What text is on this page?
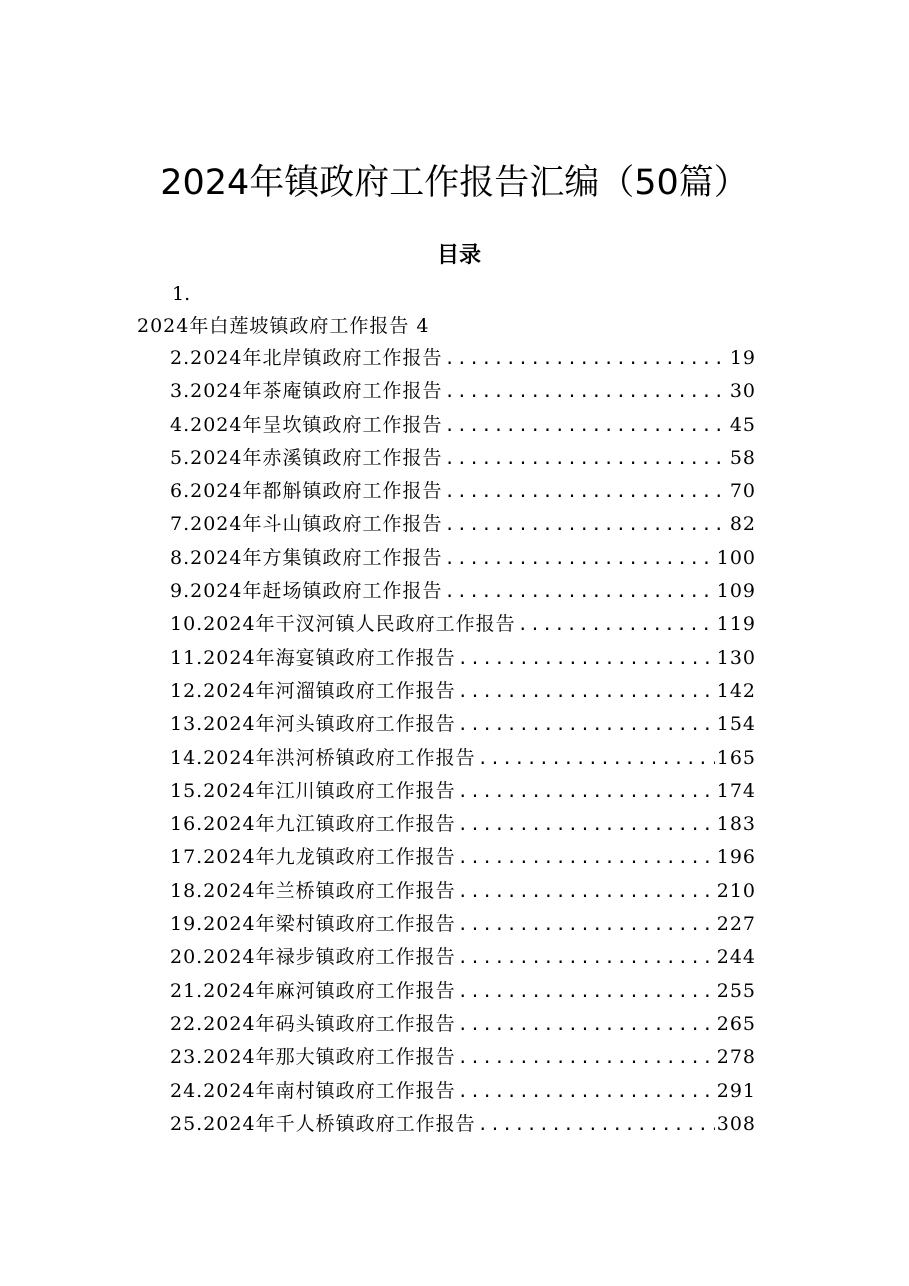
2024年镇政府工作报告汇编（50篇）
目录
1.
2024年白莲坡镇政府工作报告 4
2.2024年北岸镇政府工作报告 .....	19
3.2024年茶庵镇政府工作报告 .....	30
4.2024年呈坎镇政府工作报告 .....	45
5.2024年赤溪镇政府工作报告 .....	58
6.2024年都斛镇政府工作报告 .....	70
7.2024年斗山镇政府工作报告 .....	82
8.2024年方集镇政府工作报告 .....	100
9.2024年赶场镇政府工作报告 .....	109
10.2024年干汊河镇人民政府工作报告 .....	119
11.2024年海宴镇政府工作报告 .....	130
12.2024年河溜镇政府工作报告 .....	142
13.2024年河头镇政府工作报告 .....	154
14.2024年洪河桥镇政府工作报告 .....	165
15.2024年江川镇政府工作报告 .....	174
16.2024年九江镇政府工作报告 .....	183
17.2024年九龙镇政府工作报告 .....	196
18.2024年兰桥镇政府工作报告 .....	210
19.2024年梁村镇政府工作报告 .....	227
20.2024年禄步镇政府工作报告 .....	244
21.2024年麻河镇政府工作报告 .....	255
22.2024年码头镇政府工作报告 .....	265
23.2024年那大镇政府工作报告 .....	278
24.2024年南村镇政府工作报告 .....	291
25.2024年千人桥镇政府工作报告 .....	308
